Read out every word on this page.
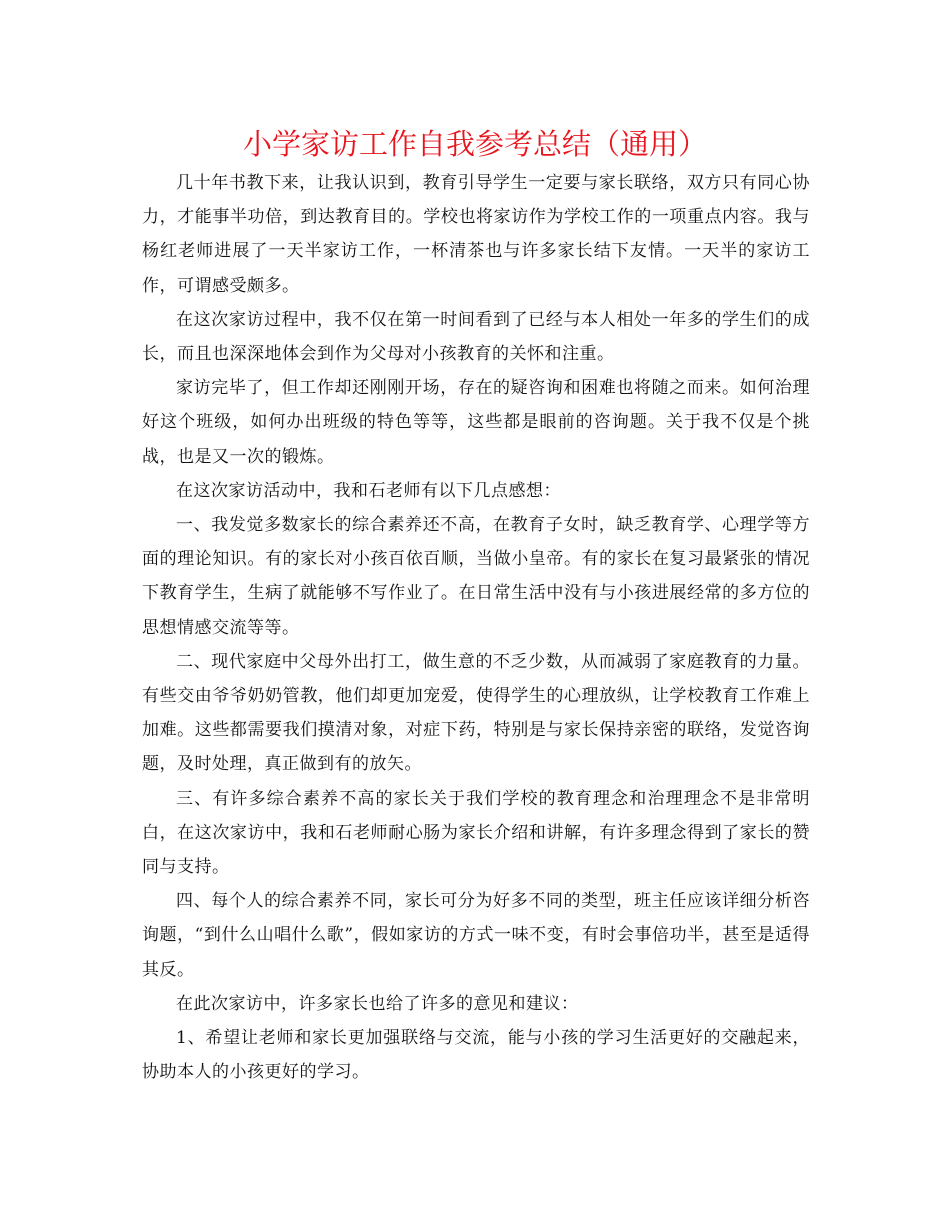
小学家访工作自我参考总结（通用）

几十年书教下来，让我认识到，教育引导学生一定要与家长联络，双方只有同心协力，才能事半功倍，到达教育目的。学校也将家访作为学校工作的一项重点内容。我与杨红老师进展了一天半家访工作，一杯清茶也与许多家长结下友情。一天半的家访工作，可谓感受颇多。

在这次家访过程中，我不仅在第一时间看到了已经与本人相处一年多的学生们的成长，而且也深深地体会到作为父母对小孩教育的关怀和注重。

家访完毕了，但工作却还刚刚开场，存在的疑咨询和困难也将随之而来。如何治理好这个班级，如何办出班级的特色等等，这些都是眼前的咨询题。关于我不仅是个挑战，也是又一次的锻炼。

在这次家访活动中，我和石老师有以下几点感想：

一、我发觉多数家长的综合素养还不高，在教育子女时，缺乏教育学、心理学等方面的理论知识。有的家长对小孩百依百顺，当做小皇帝。有的家长在复习最紧张的情况下教育学生，生病了就能够不写作业了。在日常生活中没有与小孩进展经常的多方位的思想情感交流等等。

二、现代家庭中父母外出打工，做生意的不乏少数，从而减弱了家庭教育的力量。有些交由爷爷奶奶管教，他们却更加宠爱，使得学生的心理放纵，让学校教育工作难上加难。这些都需要我们摸清对象，对症下药，特别是与家长保持亲密的联络，发觉咨询题，及时处理，真正做到有的放矢。

三、有许多综合素养不高的家长关于我们学校的教育理念和治理理念不是非常明白，在这次家访中，我和石老师耐心肠为家长介绍和讲解，有许多理念得到了家长的赞同与支持。

四、每个人的综合素养不同，家长可分为好多不同的类型，班主任应该详细分析咨询题，“到什么山唱什么歌”，假如家访的方式一味不变，有时会事倍功半，甚至是适得其反。

在此次家访中，许多家长也给了许多的意见和建议：

1、希望让老师和家长更加强联络与交流，能与小孩的学习生活更好的交融起来，协助本人的小孩更好的学习。
